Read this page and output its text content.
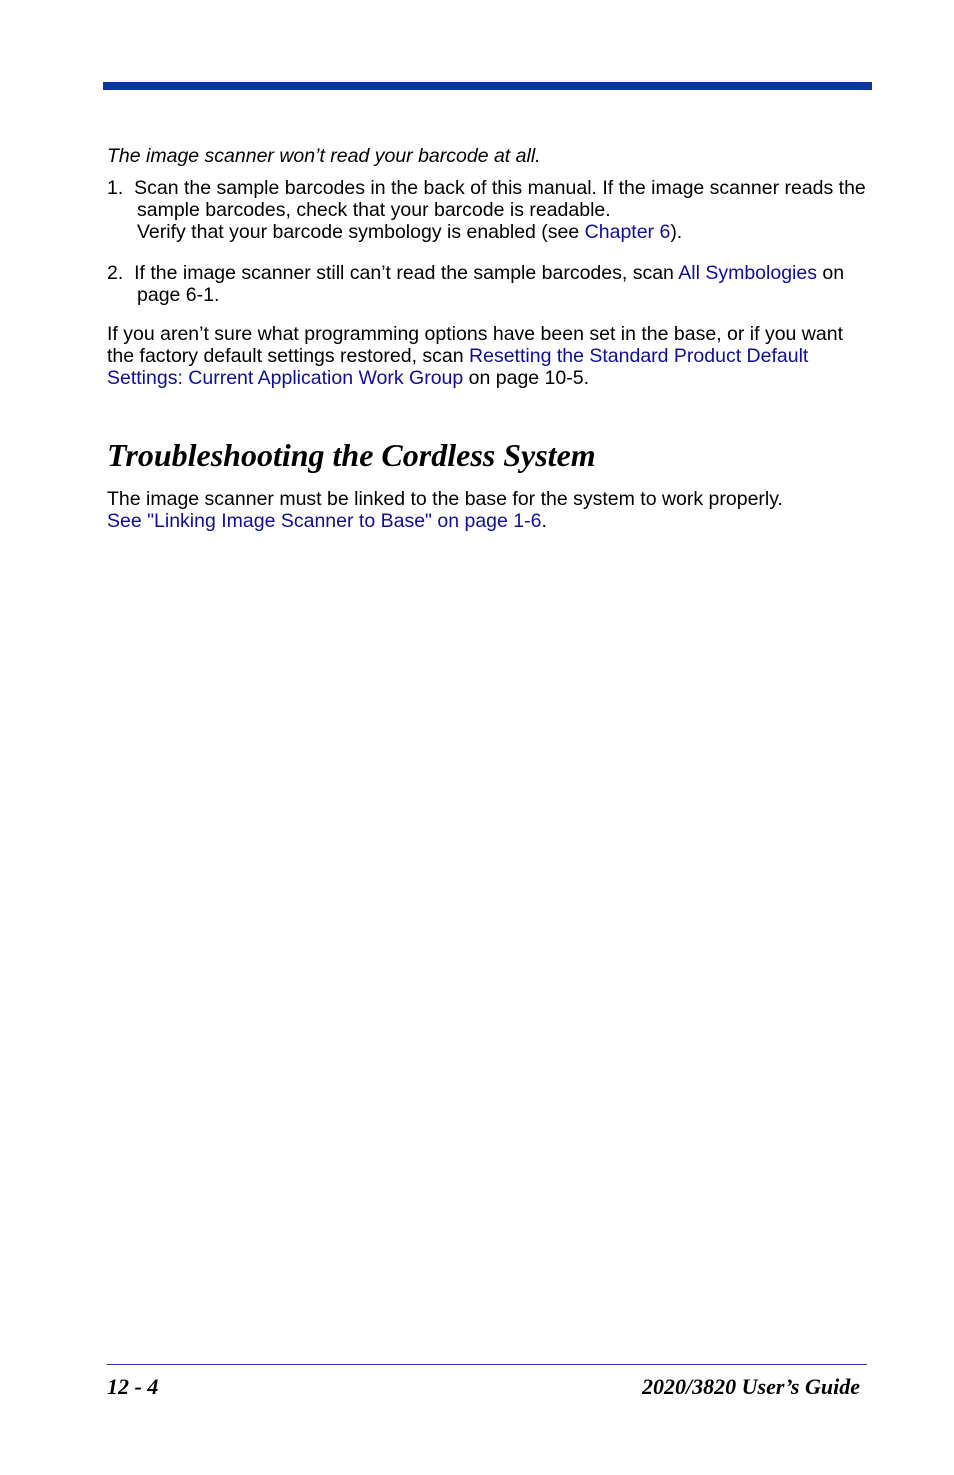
The image scanner won’t read your barcode at all.

1. Scan the sample barcodes in the back of this manual. If the image scanner reads the sample barcodes, check that your barcode is readable.
Verify that your barcode symbology is enabled (see Chapter 6).

2. If the image scanner still can’t read the sample barcodes, scan All Symbologies on page 6-1.

If you aren’t sure what programming options have been set in the base, or if you want the factory default settings restored, scan Resetting the Standard Product Default Settings: Current Application Work Group on page 10-5.

Troubleshooting the Cordless System

The image scanner must be linked to the base for the system to work properly.
See "Linking Image Scanner to Base" on page 1-6.

12 - 4	2020/3820 User’s Guide
